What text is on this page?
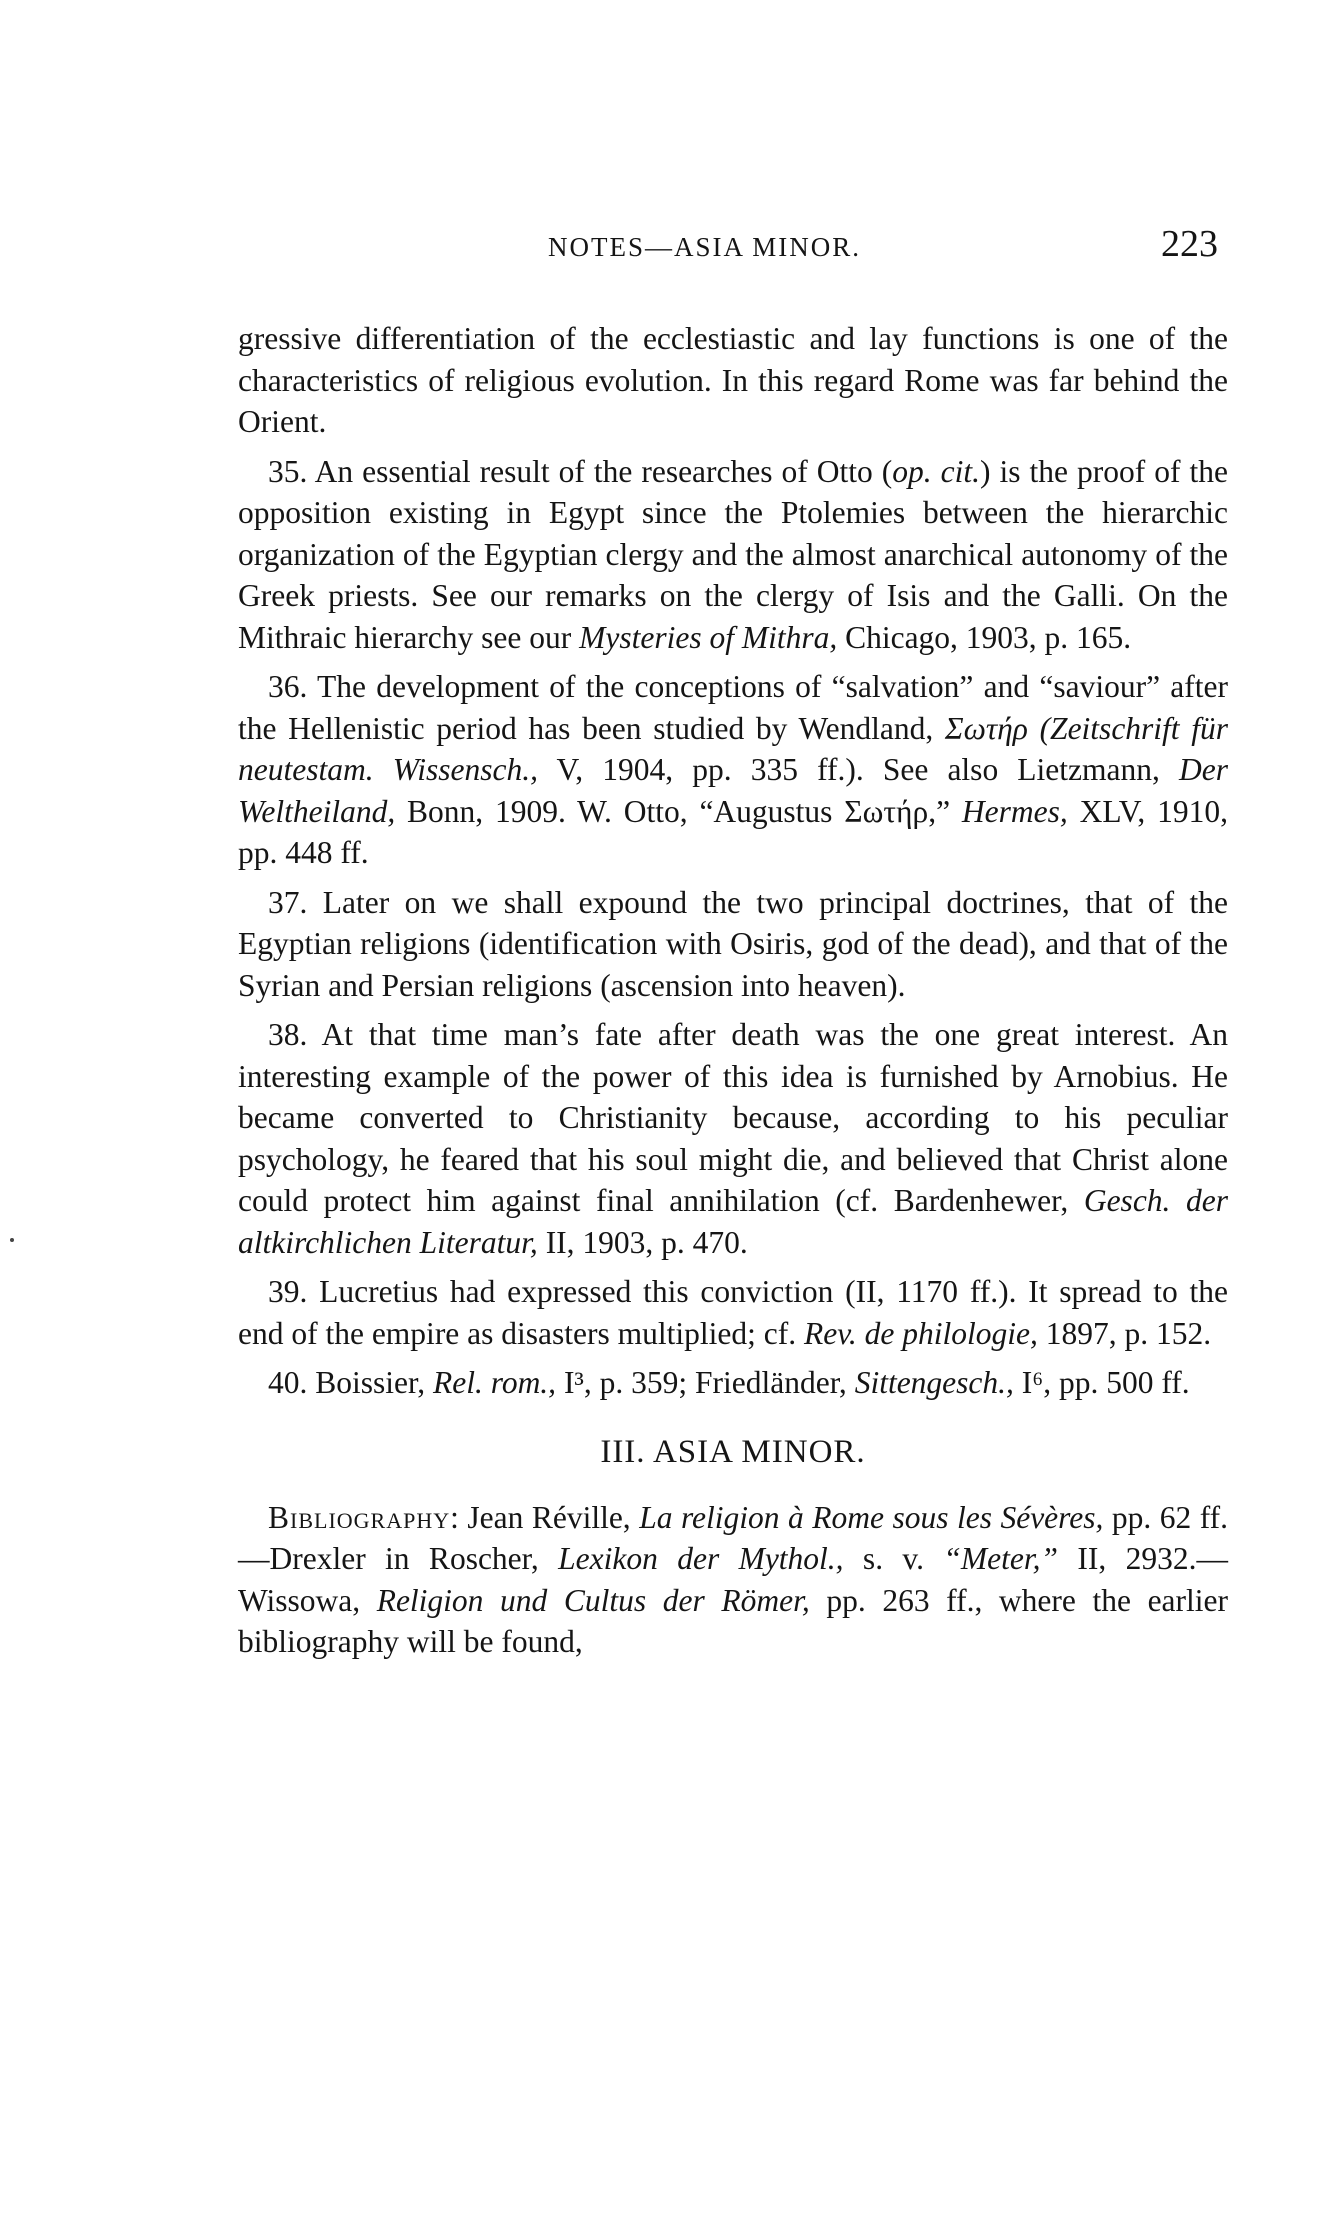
NOTES—ASIA MINOR.	223

gressive differentiation of the ecclestiastic and lay functions is one of the characteristics of religious evolution. In this regard Rome was far behind the Orient.

35. An essential result of the researches of Otto (op. cit.) is the proof of the opposition existing in Egypt since the Ptolemies between the hierarchic organization of the Egyptian clergy and the almost anarchical autonomy of the Greek priests. See our remarks on the clergy of Isis and the Galli. On the Mithraic hierarchy see our Mysteries of Mithra, Chicago, 1903, p. 165.

36. The development of the conceptions of “salvation” and “saviour” after the Hellenistic period has been studied by Wendland, Σωτήρ (Zeitschrift für neutestam. Wissensch., V, 1904, pp. 335 ff.). See also Lietzmann, Der Weltheiland, Bonn, 1909. W. Otto, “Augustus Σωτήρ,” Hermes, XLV, 1910, pp. 448 ff.

37. Later on we shall expound the two principal doctrines, that of the Egyptian religions (identification with Osiris, god of the dead), and that of the Syrian and Persian religions (ascension into heaven).

38. At that time man’s fate after death was the one great interest. An interesting example of the power of this idea is furnished by Arnobius. He became converted to Christianity because, according to his peculiar psychology, he feared that his soul might die, and believed that Christ alone could protect him against final annihilation (cf. Bardenhewer, Gesch. der altkirchlichen Literatur, II, 1903, p. 470.

39. Lucretius had expressed this conviction (II, 1170 ff.). It spread to the end of the empire as disasters multiplied; cf. Rev. de philologie, 1897, p. 152.

40. Boissier, Rel. rom., I³, p. 359; Friedländer, Sittengesch., I⁶, pp. 500 ff.

III. ASIA MINOR.

Bibliography: Jean Réville, La religion à Rome sous les Sévères, pp. 62 ff.—Drexler in Roscher, Lexikon der Mythol., s. v. “Meter,” II, 2932.—Wissowa, Religion und Cultus der Römer, pp. 263 ff., where the earlier bibliography will be found,
